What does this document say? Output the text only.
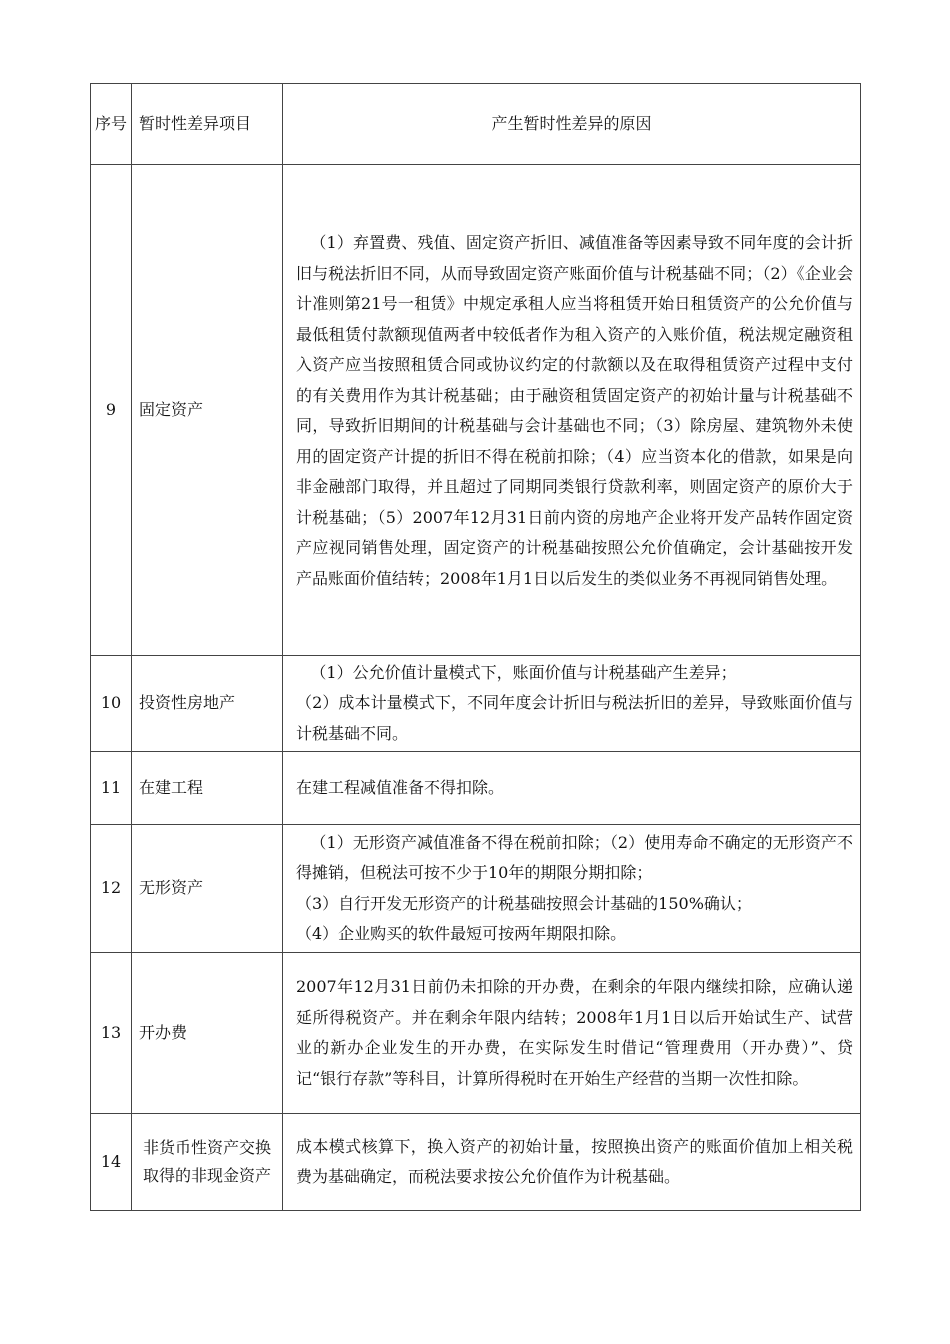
序号	暂时性差异项目	产生暂时性差异的原因
9	固定资产	（1）弃置费、残值、固定资产折旧、减值准备等因素导致不同年度的会计折旧与税法折旧不同，从而导致固定资产账面价值与计税基础不同；（2）《企业会计准则第21号一租赁》中规定承租人应当将租赁开始日租赁资产的公允价值与最低租赁付款额现值两者中较低者作为租入资产的入账价值，税法规定融资租入资产应当按照租赁合同或协议约定的付款额以及在取得租赁资产过程中支付的有关费用作为其计税基础；由于融资租赁固定资产的初始计量与计税基础不同，导致折旧期间的计税基础与会计基础也不同；（3）除房屋、建筑物外未使用的固定资产计提的折旧不得在税前扣除；（4）应当资本化的借款，如果是向非金融部门取得，并且超过了同期同类银行贷款利率，则固定资产的原价大于计税基础；（5）2007年12月31日前内资的房地产企业将开发产品转作固定资产应视同销售处理，固定资产的计税基础按照公允价值确定，会计基础按开发产品账面价值结转；2008年1月1日以后发生的类似业务不再视同销售处理。
10	投资性房地产	（1）公允价值计量模式下，账面价值与计税基础产生差异；
（2）成本计量模式下，不同年度会计折旧与税法折旧的差异，导致账面价值与计税基础不同。

11	在建工程	在建工程减值准备不得扣除。
12	无形资产	（1）无形资产减值准备不得在税前扣除；（2）使用寿命不确定的无形资产不得摊销，但税法可按不少于10年的期限分期扣除；
（3）自行开发无形资产的计税基础按照会计基础的150%确认；
（4）企业购买的软件最短可按两年期限扣除。

13	开办费	2007年12月31日前仍未扣除的开办费，在剩余的年限内继续扣除，应确认递延所得税资产。并在剩余年限内结转；2008年1月1日以后开始试生产、试营业的新办企业发生的开办费，在实际发生时借记“管理费用（开办费）”、贷记“银行存款”等科目，计算所得税时在开始生产经营的当期一次性扣除。
14	非货币性资产交换取得的非现金资产	成本模式核算下，换入资产的初始计量，按照换出资产的账面价值加上相关税费为基础确定，而税法要求按公允价值作为计税基础。
